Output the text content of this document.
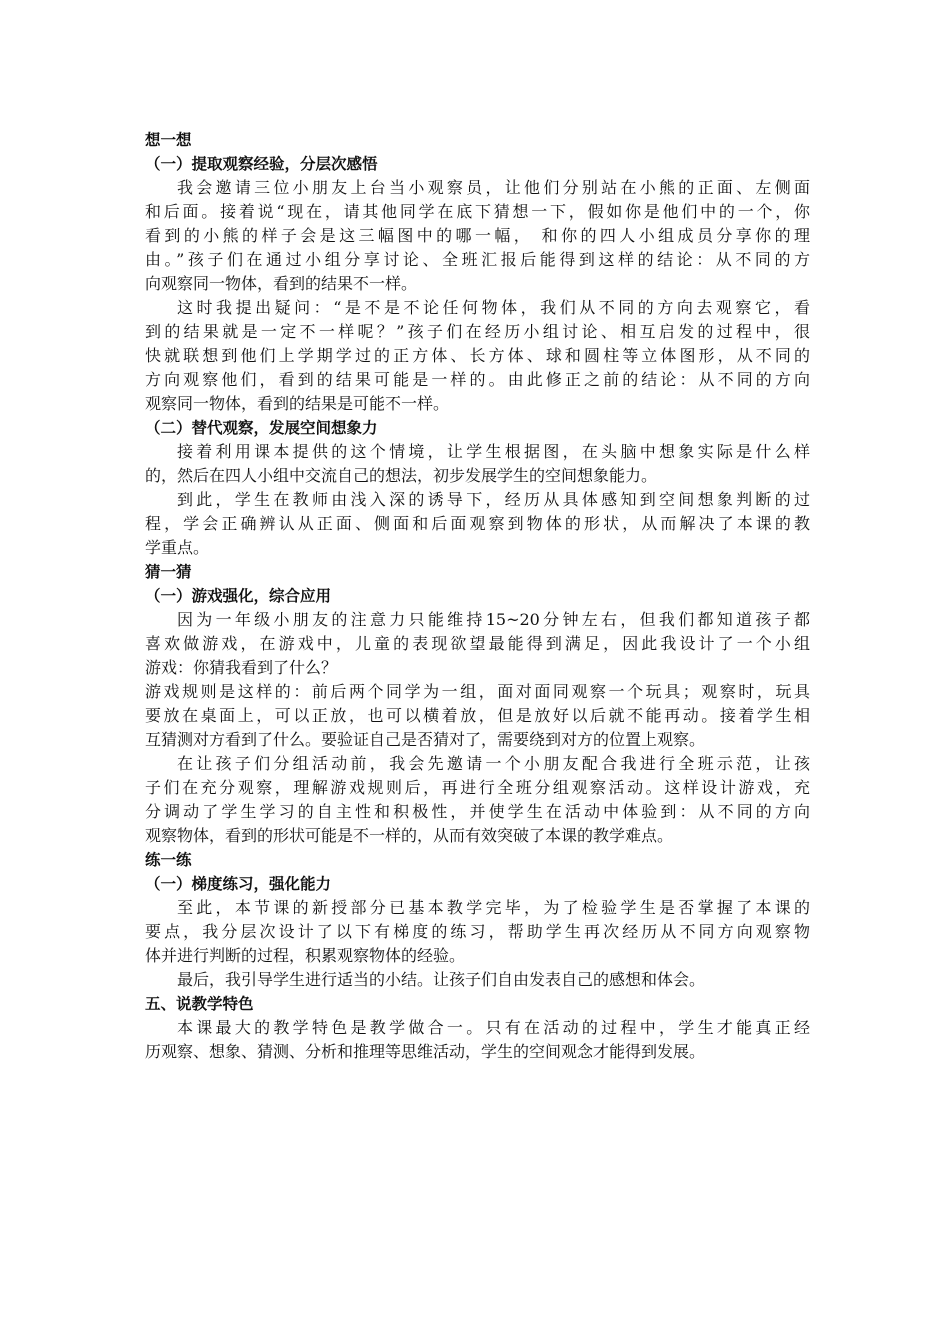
想一想
（一）提取观察经验，分层次感悟
我会邀请三位小朋友上台当小观察员，让他们分别站在小熊的正面、左侧面
和后面。接着说“现在，请其他同学在底下猜想一下，假如你是他们中的一个，你
看到的小熊的样子会是这三幅图中的哪一幅， 和你的四人小组成员分享你的理
由。”孩子们在通过小组分享讨论、全班汇报后能得到这样的结论：从不同的方
向观察同一物体，看到的结果不一样。
这时我提出疑问：“是不是不论任何物体，我们从不同的方向去观察它，看
到的结果就是一定不一样呢？”孩子们在经历小组讨论、相互启发的过程中，很
快就联想到他们上学期学过的正方体、长方体、球和圆柱等立体图形，从不同的
方向观察他们，看到的结果可能是一样的。由此修正之前的结论：从不同的方向
观察同一物体，看到的结果是可能不一样。
（二）替代观察，发展空间想象力
接着利用课本提供的这个情境，让学生根据图，在头脑中想象实际是什么样
的，然后在四人小组中交流自己的想法，初步发展学生的空间想象能力。
到此，学生在教师由浅入深的诱导下，经历从具体感知到空间想象判断的过
程，学会正确辨认从正面、侧面和后面观察到物体的形状，从而解决了本课的教
学重点。
猜一猜
（一）游戏强化，综合应用
因为一年级小朋友的注意力只能维持15~20分钟左右，但我们都知道孩子都
喜欢做游戏，在游戏中，儿童的表现欲望最能得到满足，因此我设计了一个小组
游戏：你猜我看到了什么？
游戏规则是这样的：前后两个同学为一组，面对面同观察一个玩具；观察时，玩具
要放在桌面上，可以正放，也可以横着放，但是放好以后就不能再动。接着学生相
互猜测对方看到了什么。要验证自己是否猜对了，需要绕到对方的位置上观察。
在让孩子们分组活动前，我会先邀请一个小朋友配合我进行全班示范，让孩
子们在充分观察，理解游戏规则后，再进行全班分组观察活动。这样设计游戏，充
分调动了学生学习的自主性和积极性，并使学生在活动中体验到：从不同的方向
观察物体，看到的形状可能是不一样的，从而有效突破了本课的教学难点。
练一练
（一）梯度练习，强化能力
至此，本节课的新授部分已基本教学完毕，为了检验学生是否掌握了本课的
要点，我分层次设计了以下有梯度的练习，帮助学生再次经历从不同方向观察物
体并进行判断的过程，积累观察物体的经验。
最后，我引导学生进行适当的小结。让孩子们自由发表自己的感想和体会。
五、说教学特色
本课最大的教学特色是教学做合一。只有在活动的过程中，学生才能真正经
历观察、想象、猜测、分析和推理等思维活动，学生的空间观念才能得到发展。
